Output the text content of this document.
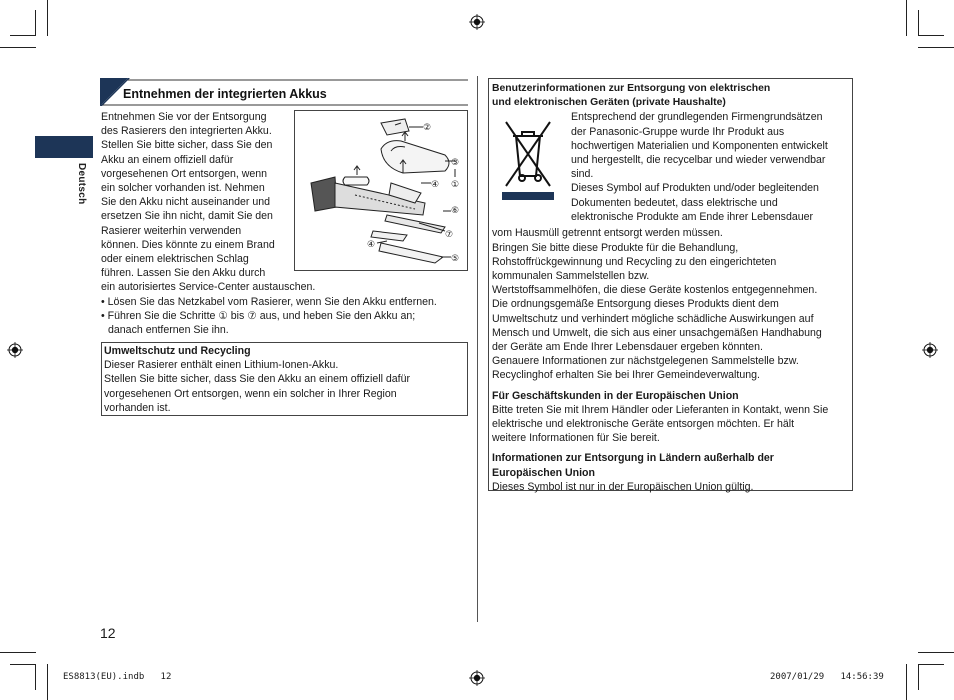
Deutsch
Entnehmen der integrierten Akkus
Entnehmen Sie vor der Entsorgung
des Rasierers den integrierten Akku.
Stellen Sie bitte sicher, dass Sie den
Akku an einem offiziell dafür
vorgesehenen Ort entsorgen, wenn
ein solcher vorhanden ist. Nehmen
Sie den Akku nicht auseinander und
ersetzen Sie ihn nicht, damit Sie den
Rasierer weiterhin verwenden
können. Dies könnte zu einem Brand
oder einem elektrischen Schlag
führen. Lassen Sie den Akku durch
ein autorisiertes Service-Center austauschen.
• Lösen Sie das Netzkabel vom Rasierer, wenn Sie den Akku entfernen.
• Führen Sie die Schritte ① bis ⑦ aus, und heben Sie den Akku an;
danach entfernen Sie ihn.
②
③
①
④
⑥
⑦
④
⑤
Umweltschutz und Recycling
Dieser Rasierer enthält einen Lithium-Ionen-Akku.
Stellen Sie bitte sicher, dass Sie den Akku an einem offiziell dafür
vorgesehenen Ort entsorgen, wenn ein solcher in Ihrer Region
vorhanden ist.
Benutzerinformationen zur Entsorgung von elektrischen
und elektronischen Geräten (private Haushalte)
Entsprechend der grundlegenden Firmengrundsätzen
der Panasonic-Gruppe wurde Ihr Produkt aus
hochwertigen Materialien und Komponenten entwickelt
und hergestellt, die recycelbar und wieder verwendbar
sind.
Dieses Symbol auf Produkten und/oder begleitenden
Dokumenten bedeutet, dass elektrische und
elektronische Produkte am Ende ihrer Lebensdauer
vom Hausmüll getrennt entsorgt werden müssen.
Bringen Sie bitte diese Produkte für die Behandlung,
Rohstoffrückgewinnung und Recycling zu den eingerichteten
kommunalen Sammelstellen bzw.
Wertstoffsammelhöfen, die diese Geräte kostenlos entgegennehmen.
Die ordnungsgemäße Entsorgung dieses Produkts dient dem
Umweltschutz und verhindert mögliche schädliche Auswirkungen auf
Mensch und Umwelt, die sich aus einer unsachgemäßen Handhabung
der Geräte am Ende Ihrer Lebensdauer ergeben könnten.
Genauere Informationen zur nächstgelegenen Sammelstelle bzw.
Recyclinghof erhalten Sie bei Ihrer Gemeindeverwaltung.
Für Geschäftskunden in der Europäischen Union
Bitte treten Sie mit Ihrem Händler oder Lieferanten in Kontakt, wenn Sie
elektrische und elektronische Geräte entsorgen möchten. Er hält
weitere Informationen für Sie bereit.
Informationen zur Entsorgung in Ländern außerhalb der
Europäischen Union
Dieses Symbol ist nur in der Europäischen Union gültig.
12
ES8813(EU).indb   12	2007/01/29   14:56:39
